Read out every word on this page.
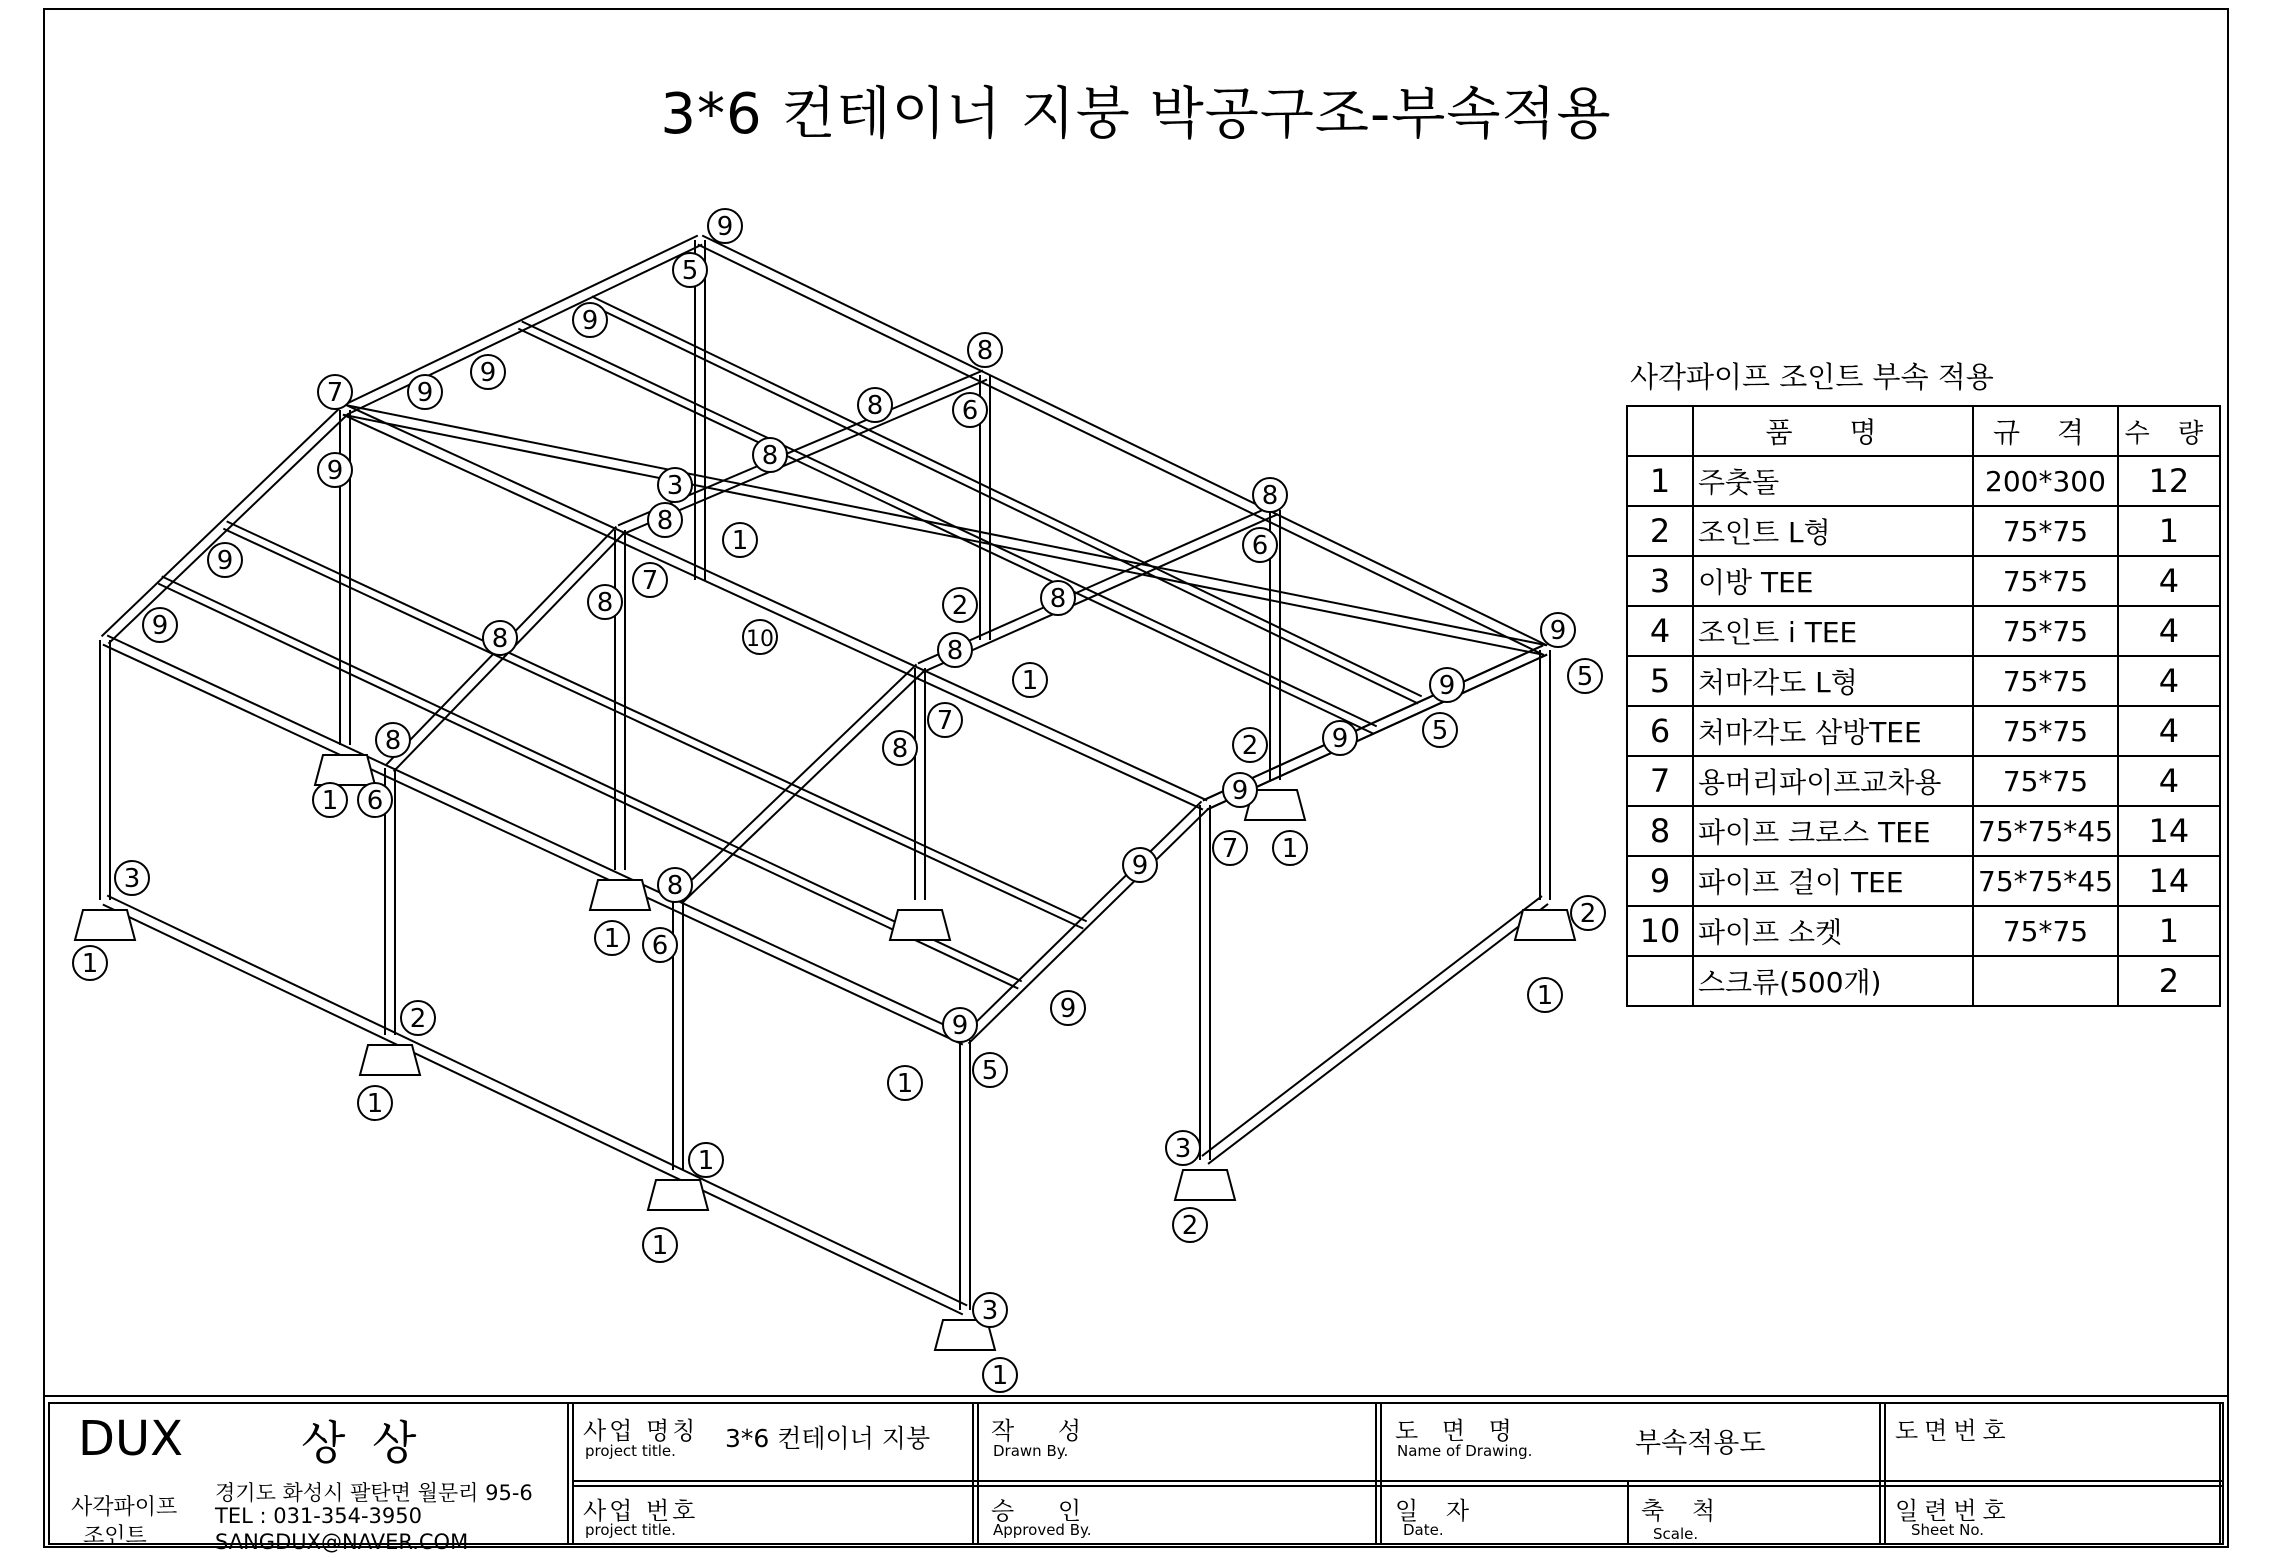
3*6 컨테이너 지붕 박공구조-부속적용
9
5
9
9
9
7
9
8
6
8
8
3
8
1
8
6
9
5
9
7
8	2	8
10	8
1	9
5
8
9
7
8	2	9
9
1
6
8
9
7
1
3
1
9
8
1 6
2
2
1
9
5
1
1
3
2
1
1
3
1
사각파이프 조인트 부속 적용
	품 명	규 격	수 량
1	주춧돌	200*300	12
2	조인트 L형	75*75	1
3	이방 TEE	75*75	4
4	조인트 i TEE	75*75	4
5	처마각도 L형	75*75	4
6	처마각도 삼방TEE	75*75	4
7	용머리파이프교차용	75*75	4
8	파이프 크로스 TEE	75*75*45	14
9	파이프 걸이 TEE	75*75*45	14
10	파이프 소켓	75*75	1
	스크류(500개)		2
DUX	상 상
사각파이프
조인트
경기도 화성시 팔탄면 월문리 95-6
TEL : 031-354-3950
SANGDUX@NAVER.COM
사업 명칭
project title. 3*6 컨테이너 지붕
사업 번호
project title.
작 성
Drawn By.
승 인
Approved By.
도 면 명
Name of Drawing.	부속적용도
일 자
Date.
축 척
Scale.
도면번호
일련번호
Sheet No.
